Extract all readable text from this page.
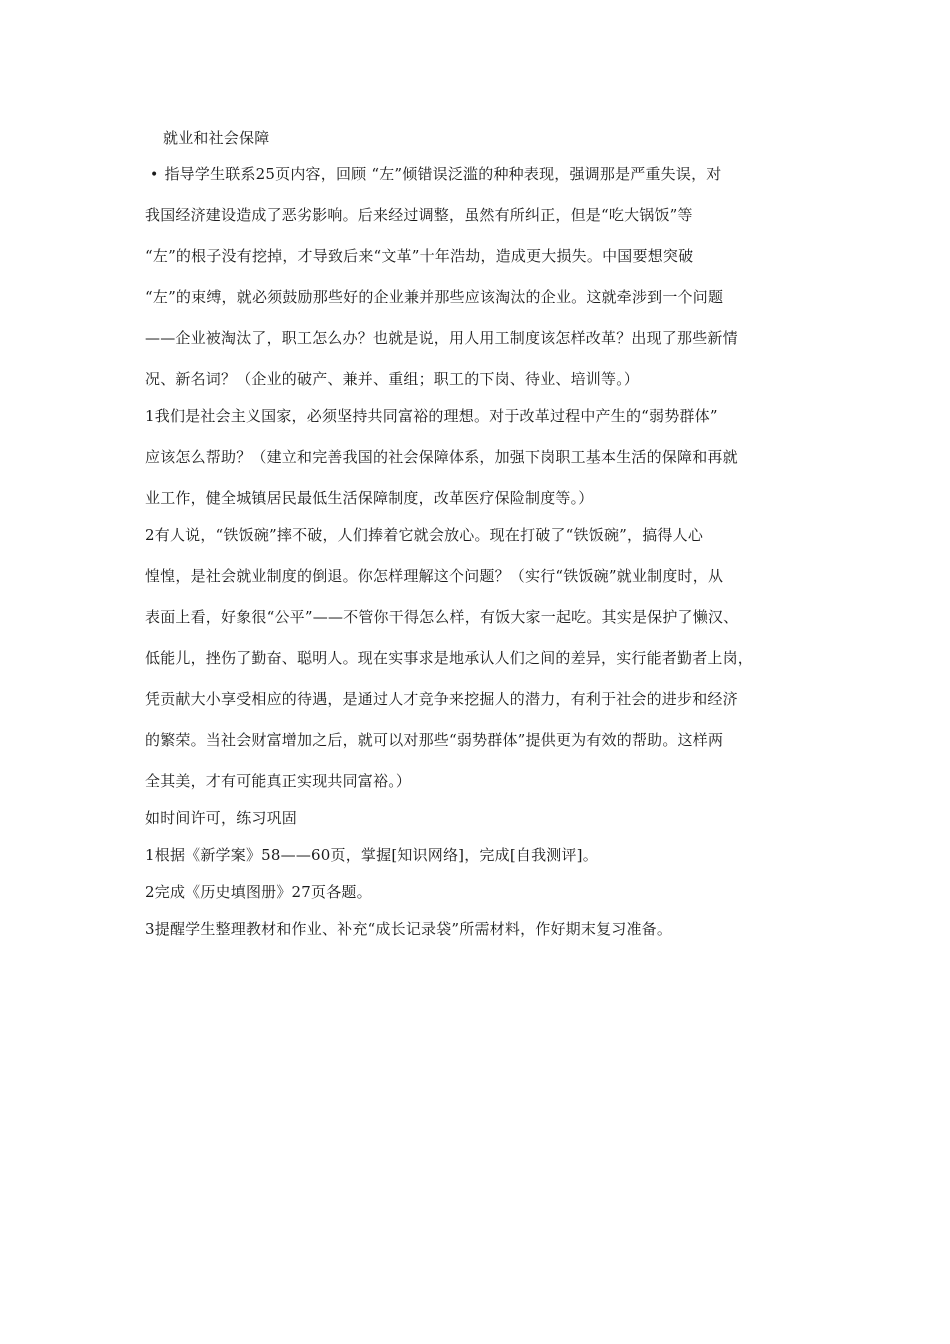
就业和社会保障
• 指导学生联系25页内容，回顾 “左”倾错误泛滥的种种表现，强调那是严重失误，对
我国经济建设造成了恶劣影响。后来经过调整，虽然有所纠正，但是“吃大锅饭”等
“左”的根子没有挖掉，才导致后来“文革”十年浩劫，造成更大损失。中国要想突破
“左”的束缚，就必须鼓励那些好的企业兼并那些应该淘汰的企业。这就牵涉到一个问题
——企业被淘汰了，职工怎么办？也就是说，用人用工制度该怎样改革？出现了那些新情
况、新名词？（企业的破产、兼并、重组；职工的下岗、待业、培训等。）
1我们是社会主义国家，必须坚持共同富裕的理想。对于改革过程中产生的“弱势群体”
应该怎么帮助？（建立和完善我国的社会保障体系，加强下岗职工基本生活的保障和再就
业工作，健全城镇居民最低生活保障制度，改革医疗保险制度等。）
2有人说，“铁饭碗”摔不破，人们捧着它就会放心。现在打破了“铁饭碗”，搞得人心
惶惶，是社会就业制度的倒退。你怎样理解这个问题？（实行“铁饭碗”就业制度时，从
表面上看，好象很“公平”——不管你干得怎么样，有饭大家一起吃。其实是保护了懒汉、
低能儿，挫伤了勤奋、聪明人。现在实事求是地承认人们之间的差异，实行能者勤者上岗，
凭贡献大小享受相应的待遇，是通过人才竞争来挖掘人的潜力，有利于社会的进步和经济
的繁荣。当社会财富增加之后，就可以对那些“弱势群体”提供更为有效的帮助。这样两
全其美，才有可能真正实现共同富裕。）
如时间许可，练习巩固
1根据《新学案》58——60页，掌握[知识网络]，完成[自我测评]。
2完成《历史填图册》27页各题。
3提醒学生整理教材和作业、补充“成长记录袋”所需材料，作好期末复习准备。
